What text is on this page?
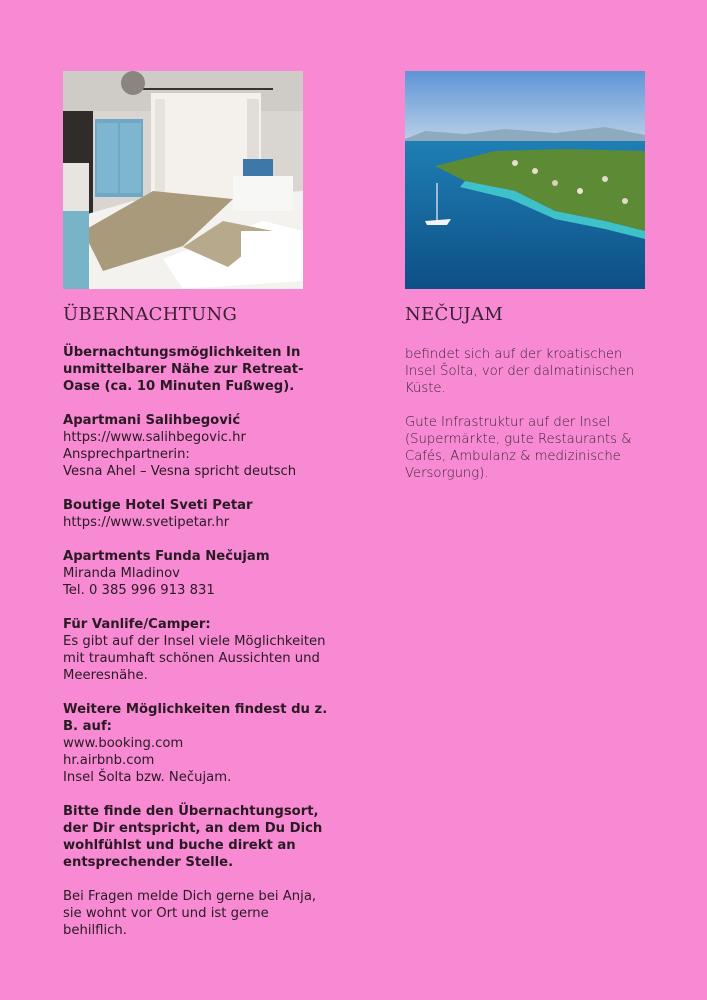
ÜBERNACHTUNG	NEČUJAM
Übernachtungsmöglichkeiten In unmittelbarer Nähe zur Retreat-Oase (ca. 10 Minuten Fußweg).
Apartmani Salihbegović
https://www.salihbegovic.hr
Ansprechpartnerin:
Vesna Ahel – Vesna spricht deutsch
Boutige Hotel Sveti Petar
https://www.svetipetar.hr
Apartments Funda Nečujam
Miranda Mladinov
Tel. 0 385 996 913 831
Für Vanlife/Camper:
Es gibt auf der Insel viele Möglichkeiten mit traumhaft schönen Aussichten und Meeresnähe.
Weitere Möglichkeiten findest du z. B. auf:
www.booking.com
hr.airbnb.com
Insel Šolta bzw. Nečujam.
Bitte finde den Übernachtungsort, der Dir entspricht, an dem Du Dich wohlfühlst und buche direkt an entsprechender Stelle.
Bei Fragen melde Dich gerne bei Anja, sie wohnt vor Ort und ist gerne behilflich.
befindet sich auf der kroatischen Insel Šolta, vor der dalmatinischen Küste.
Gute Infrastruktur auf der Insel (Supermärkte, gute Restaurants & Cafés, Ambulanz & medizinische Versorgung).
